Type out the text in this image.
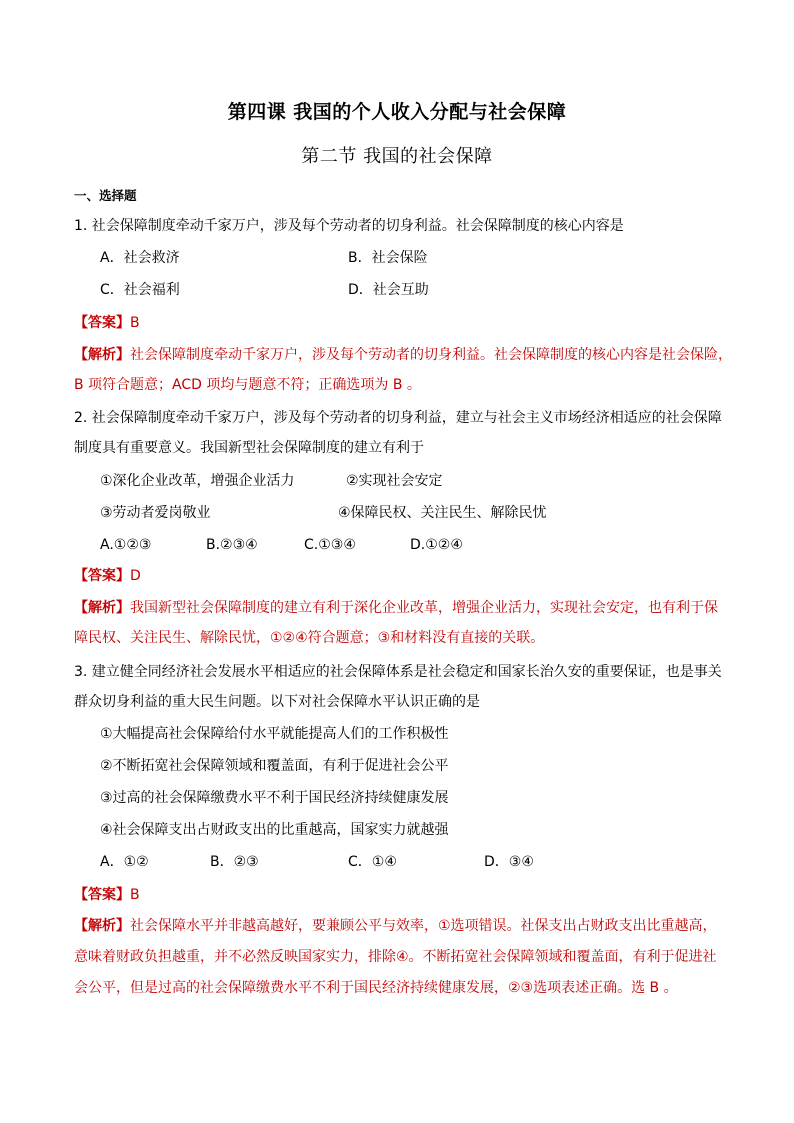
第四课 我国的个人收入分配与社会保障
第二节 我国的社会保障
一、选择题
1. 社会保障制度牵动千家万户，涉及每个劳动者的切身利益。社会保障制度的核心内容是
A．社会救济	B．社会保险
C．社会福利	D．社会互助
【答案】B
【解析】社会保障制度牵动千家万户，涉及每个劳动者的切身利益。社会保障制度的核心内容是社会保险，
B 项符合题意；ACD 项均与题意不符；正确选项为 B 。
2. 社会保障制度牵动千家万户，涉及每个劳动者的切身利益，建立与社会主义市场经济相适应的社会保障
制度具有重要意义。我国新型社会保障制度的建立有利于
①深化企业改革，增强企业活力	②实现社会安定
③劳动者爱岗敬业	④保障民权、关注民生、解除民忧
A.①②③	B.②③④	C.①③④	D.①②④
【答案】D
【解析】我国新型社会保障制度的建立有利于深化企业改革，增强企业活力，实现社会安定，也有利于保
障民权、关注民生、解除民忧，①②④符合题意；③和材料没有直接的关联。
3. 建立健全同经济社会发展水平相适应的社会保障体系是社会稳定和国家长治久安的重要保证，也是事关
群众切身利益的重大民生问题。以下对社会保障水平认识正确的是
①大幅提高社会保障给付水平就能提高人们的工作积极性
②不断拓宽社会保障领域和覆盖面，有利于促进社会公平
③过高的社会保障缴费水平不利于国民经济持续健康发展
④社会保障支出占财政支出的比重越高，国家实力就越强
A．①②	B．②③	C．①④	D．③④
【答案】B
【解析】社会保障水平并非越高越好，要兼顾公平与效率，①选项错误。社保支出占财政支出比重越高，
意味着财政负担越重，并不必然反映国家实力，排除④。不断拓宽社会保障领域和覆盖面，有利于促进社
会公平，但是过高的社会保障缴费水平不利于国民经济持续健康发展，②③选项表述正确。选 B 。
